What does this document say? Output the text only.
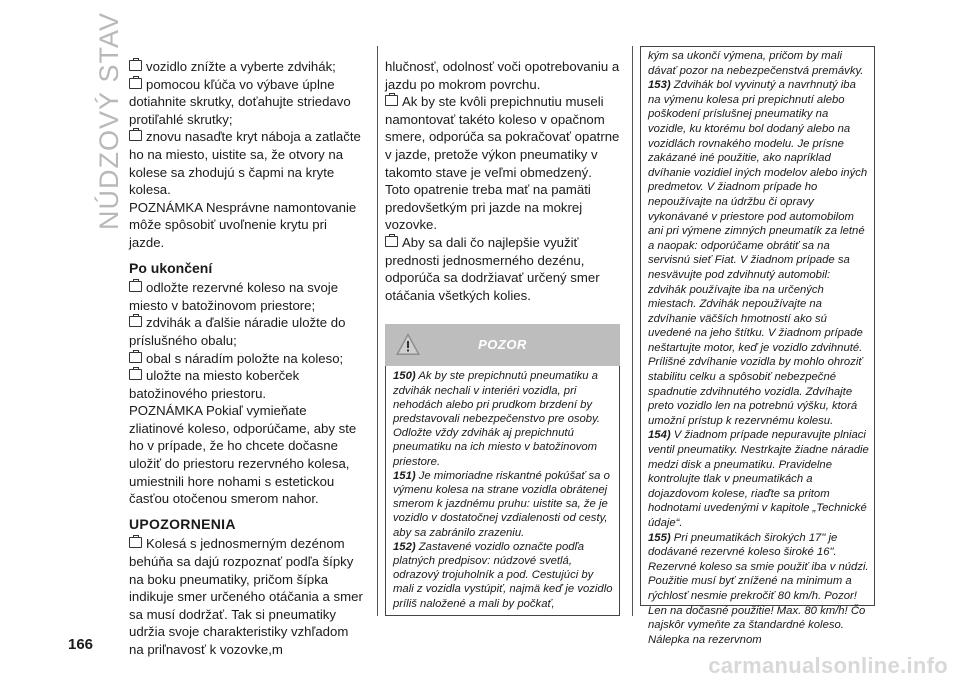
NÚDZOVÝ STAV
166

vozidlo znížte a vyberte zdvihák;

pomocou kľúča vo výbave úplne dotiahnite skrutky, doťahujte striedavo protiľahlé skrutky;

znovu nasaďte kryt náboja a zatlačte ho na miesto, uistite sa, že otvory na kolese sa zhodujú s čapmi na kryte kolesa.

POZNÁMKA Nesprávne namontovanie môže spôsobiť uvoľnenie krytu pri jazde.

Po ukončení

odložte rezervné koleso na svoje miesto v batožinovom priestore;

zdvihák a ďalšie náradie uložte do príslušného obalu;

obal s náradím položte na koleso;

uložte na miesto koberček batožinového priestoru.

POZNÁMKA Pokiaľ vymieňate zliatinové koleso, odporúčame, aby ste ho v prípade, že ho chcete dočasne uložiť do priestoru rezervného kolesa, umiestnili hore nohami s estetickou časťou otočenou smerom nahor.

UPOZORNENIA

Kolesá s jednosmerným dezénom behúňa sa dajú rozpoznať podľa šípky na boku pneumatiky, pričom šípka indikuje smer určeného otáčania a smer sa musí dodržať. Tak si pneumatiky udržia svoje charakteristiky vzhľadom na priľnavosť k vozovke,m

hlučnosť, odolnosť voči opotrebovaniu a jazdu po mokrom povrchu.

Ak by ste kvôli prepichnutiu museli namontovať takéto koleso v opačnom smere, odporúča sa pokračovať opatrne v jazde, pretože výkon pneumatiky v takomto stave je veľmi obmedzený. Toto opatrenie treba mať na pamäti predovšetkým pri jazde na mokrej vozovke.

Aby sa dali čo najlepšie využiť prednosti jednosmerného dezénu, odporúča sa dodržiavať určený smer otáčania všetkých kolies.

POZOR

150) Ak by ste prepichnutú pneumatiku a zdvihák nechali v interiéri vozidla, pri nehodách alebo pri prudkom brzdení by predstavovali nebezpečenstvo pre osoby. Odložte vždy zdvihák aj prepichnutú pneumatiku na ich miesto v batožinovom priestore.

151) Je mimoriadne riskantné pokúšať sa o výmenu kolesa na strane vozidla obrátenej smerom k jazdnému pruhu: uistite sa, že je vozidlo v dostatočnej vzdialenosti od cesty, aby sa zabránilo zrazeniu.

152) Zastavené vozidlo označte podľa platných predpisov: núdzové svetlá, odrazový trojuholník a pod. Cestujúci by mali z vozidla vystúpiť, najmä keď je vozidlo príliš naložené a mali by počkať,

kým sa ukončí výmena, pričom by mali dávať pozor na nebezpečenstvá premávky.

153) Zdvihák bol vyvinutý a navrhnutý iba na výmenu kolesa pri prepichnutí alebo poškodení príslušnej pneumatiky na vozidle, ku ktorému bol dodaný alebo na vozidlách rovnakého modelu. Je prísne zakázané iné použitie, ako napríklad dvíhanie vozidiel iných modelov alebo iných predmetov. V žiadnom prípade ho nepoužívajte na údržbu či opravy vykonávané v priestore pod automobilom ani pri výmene zimných pneumatík za letné a naopak: odporúčame obrátiť sa na servisnú sieť Fiat. V žiadnom prípade sa nesvävujte pod zdvihnutý automobil: zdvihák používajte iba na určených miestach. Zdvihák nepoužívajte na zdvíhanie väčších hmotností ako sú uvedené na jeho štítku. V žiadnom prípade neštartujte motor, keď je vozidlo zdvihnuté. Prílišné zdvíhanie vozidla by mohlo ohroziť stabilitu celku a spôsobiť nebezpečné spadnutie zdvihnutého vozidla. Zdvíhajte preto vozidlo len na potrebnú výšku, ktorá umožní prístup k rezervnému kolesu.

154) V žiadnom prípade nepuravujte plniaci ventil pneumatiky. Nestrkajte žiadne náradie medzi disk a pneumatiku. Pravidelne kontrolujte tlak v pneumatikách a dojazdovom kolese, riaďte sa pritom hodnotami uvedenými v kapitole „Technické údaje“.

155) Pri pneumatikách širokých 17" je dodávané rezervné koleso široké 16". Rezervné koleso sa smie použiť iba v núdzi. Použitie musí byť znížené na minimum a rýchlosť nesmie prekročiť 80 km/h. Pozor! Len na dočasné použitie! Max. 80 km/h! Čo najskôr vymeňte za štandardné koleso. Nálepka na rezervnom

carmanualsonline.info
